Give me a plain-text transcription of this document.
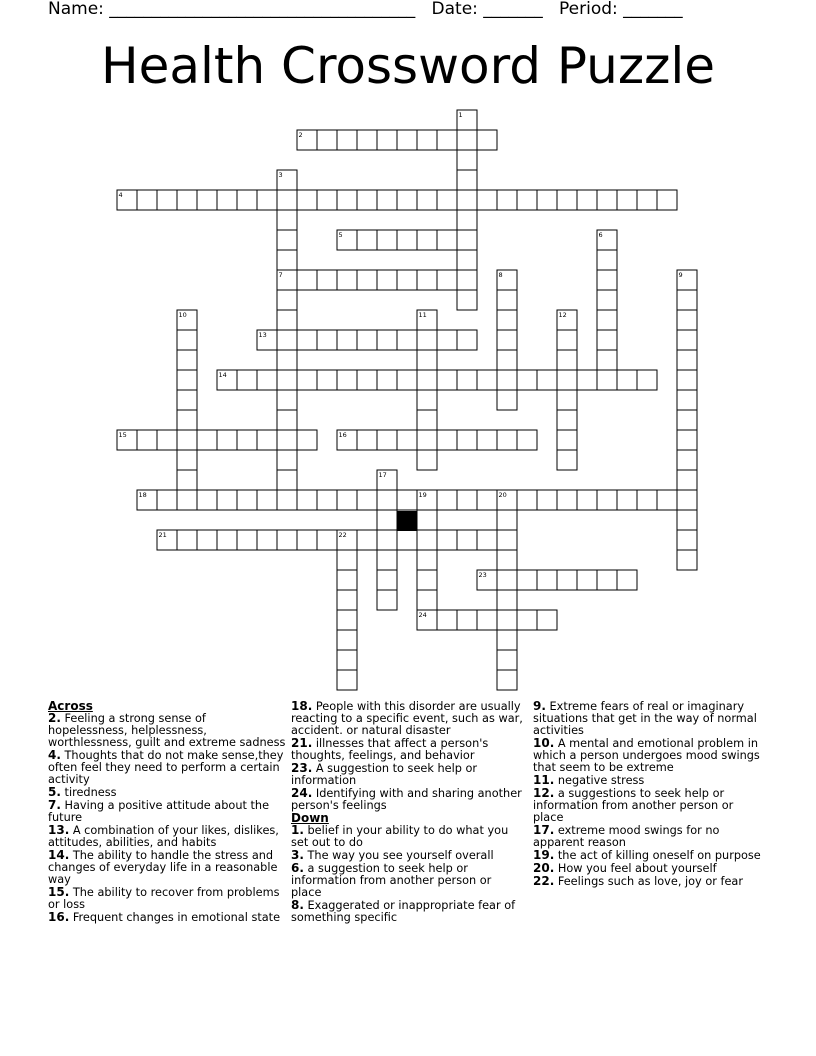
Name: ____________________________________ Date: _______ Period: _______
Health Crossword Puzzle
1
2
3
4
5	6
7	8	9
10	11	12
13
14
15	16
17
18	19	20
21	22
23
24
Across
2. Feeling a strong sense of hopelessness, helplessness, worthlessness, guilt and extreme sadness
4. Thoughts that do not make sense,they often feel they need to perform a certain activity
5. tiredness
7. Having a positive attitude about the future
13. A combination of your likes, dislikes, attitudes, abilities, and habits
14. The ability to handle the stress and changes of everyday life in a reasonable way
15. The ability to recover from problems or loss
16. Frequent changes in emotional state
18. People with this disorder are usually reacting to a specific event, such as war, accident. or natural disaster
21. illnesses that affect a person's thoughts, feelings, and behavior
23. A suggestion to seek help or information
24. Identifying with and sharing another person's feelings
Down
1. belief in your ability to do what you set out to do
3. The way you see yourself overall
6. a suggestion to seek help or information from another person or place
8. Exaggerated or inappropriate fear of something specific
9. Extreme fears of real or imaginary situations that get in the way of normal activities
10. A mental and emotional problem in which a person undergoes mood swings that seem to be extreme
11. negative stress
12. a suggestions to seek help or information from another person or place
17. extreme mood swings for no apparent reason
19. the act of killing oneself on purpose
20. How you feel about yourself
22. Feelings such as love, joy or fear
